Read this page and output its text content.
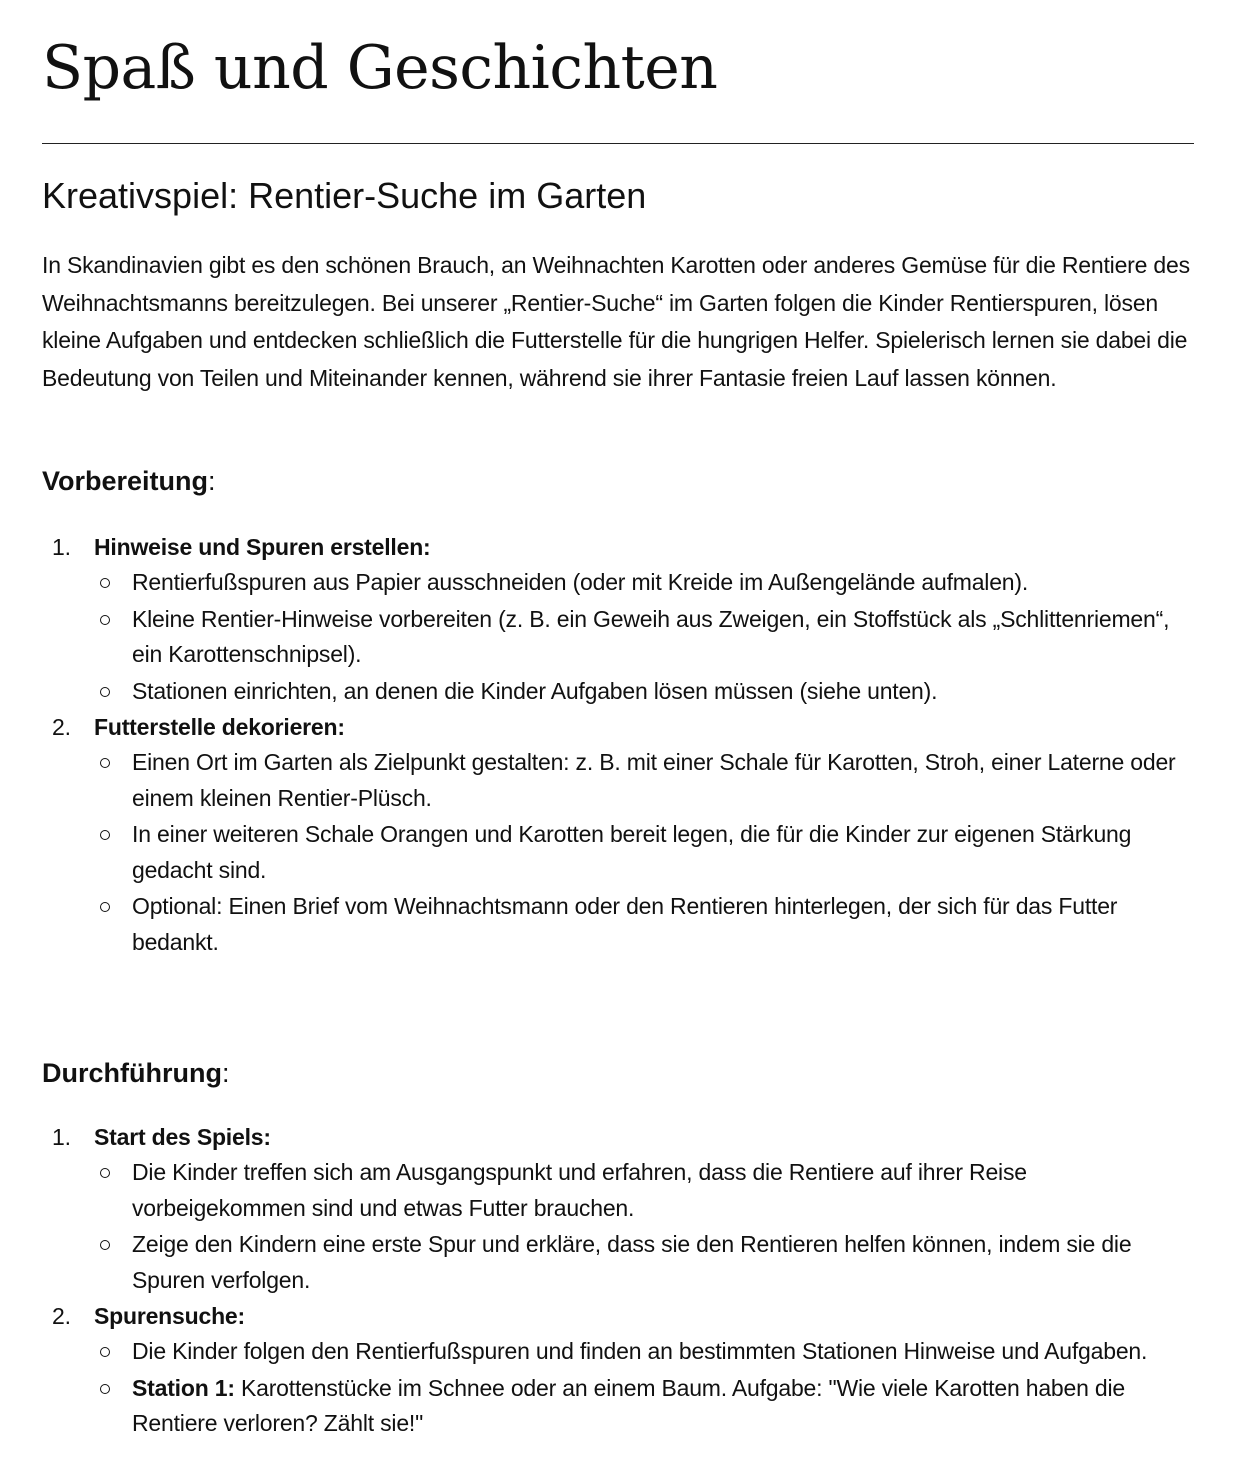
Spaß und Geschichten
Kreativspiel: Rentier-Suche im Garten

In Skandinavien gibt es den schönen Brauch, an Weihnachten Karotten oder anderes Gemüse für die Rentiere des Weihnachtsmanns bereitzulegen. Bei unserer „Rentier-Suche“ im Garten folgen die Kinder Rentierspuren, lösen kleine Aufgaben und entdecken schließlich die Futterstelle für die hungrigen Helfer. Spielerisch lernen sie dabei die Bedeutung von Teilen und Miteinander kennen, während sie ihrer Fantasie freien Lauf lassen können.

Vorbereitung:
1. Hinweise und Spuren erstellen:
Rentierfußspuren aus Papier ausschneiden (oder mit Kreide im Außengelände aufmalen).
Kleine Rentier-Hinweise vorbereiten (z. B. ein Geweih aus Zweigen, ein Stoffstück als „Schlittenriemen“, ein Karottenschnipsel).
Stationen einrichten, an denen die Kinder Aufgaben lösen müssen (siehe unten).
2. Futterstelle dekorieren:
Einen Ort im Garten als Zielpunkt gestalten: z. B. mit einer Schale für Karotten, Stroh, einer Laterne oder einem kleinen Rentier-Plüsch.
In einer weiteren Schale Orangen und Karotten bereit legen, die für die Kinder zur eigenen Stärkung gedacht sind.
Optional: Einen Brief vom Weihnachtsmann oder den Rentieren hinterlegen, der sich für das Futter bedankt.
Durchführung:
1. Start des Spiels:
Die Kinder treffen sich am Ausgangspunkt und erfahren, dass die Rentiere auf ihrer Reise vorbeigekommen sind und etwas Futter brauchen.
Zeige den Kindern eine erste Spur und erkläre, dass sie den Rentieren helfen können, indem sie die Spuren verfolgen.
2. Spurensuche:
Die Kinder folgen den Rentierfußspuren und finden an bestimmten Stationen Hinweise und Aufgaben.
Station 1: Karottenstücke im Schnee oder an einem Baum. Aufgabe: "Wie viele Karotten haben die Rentiere verloren? Zählt sie!"
